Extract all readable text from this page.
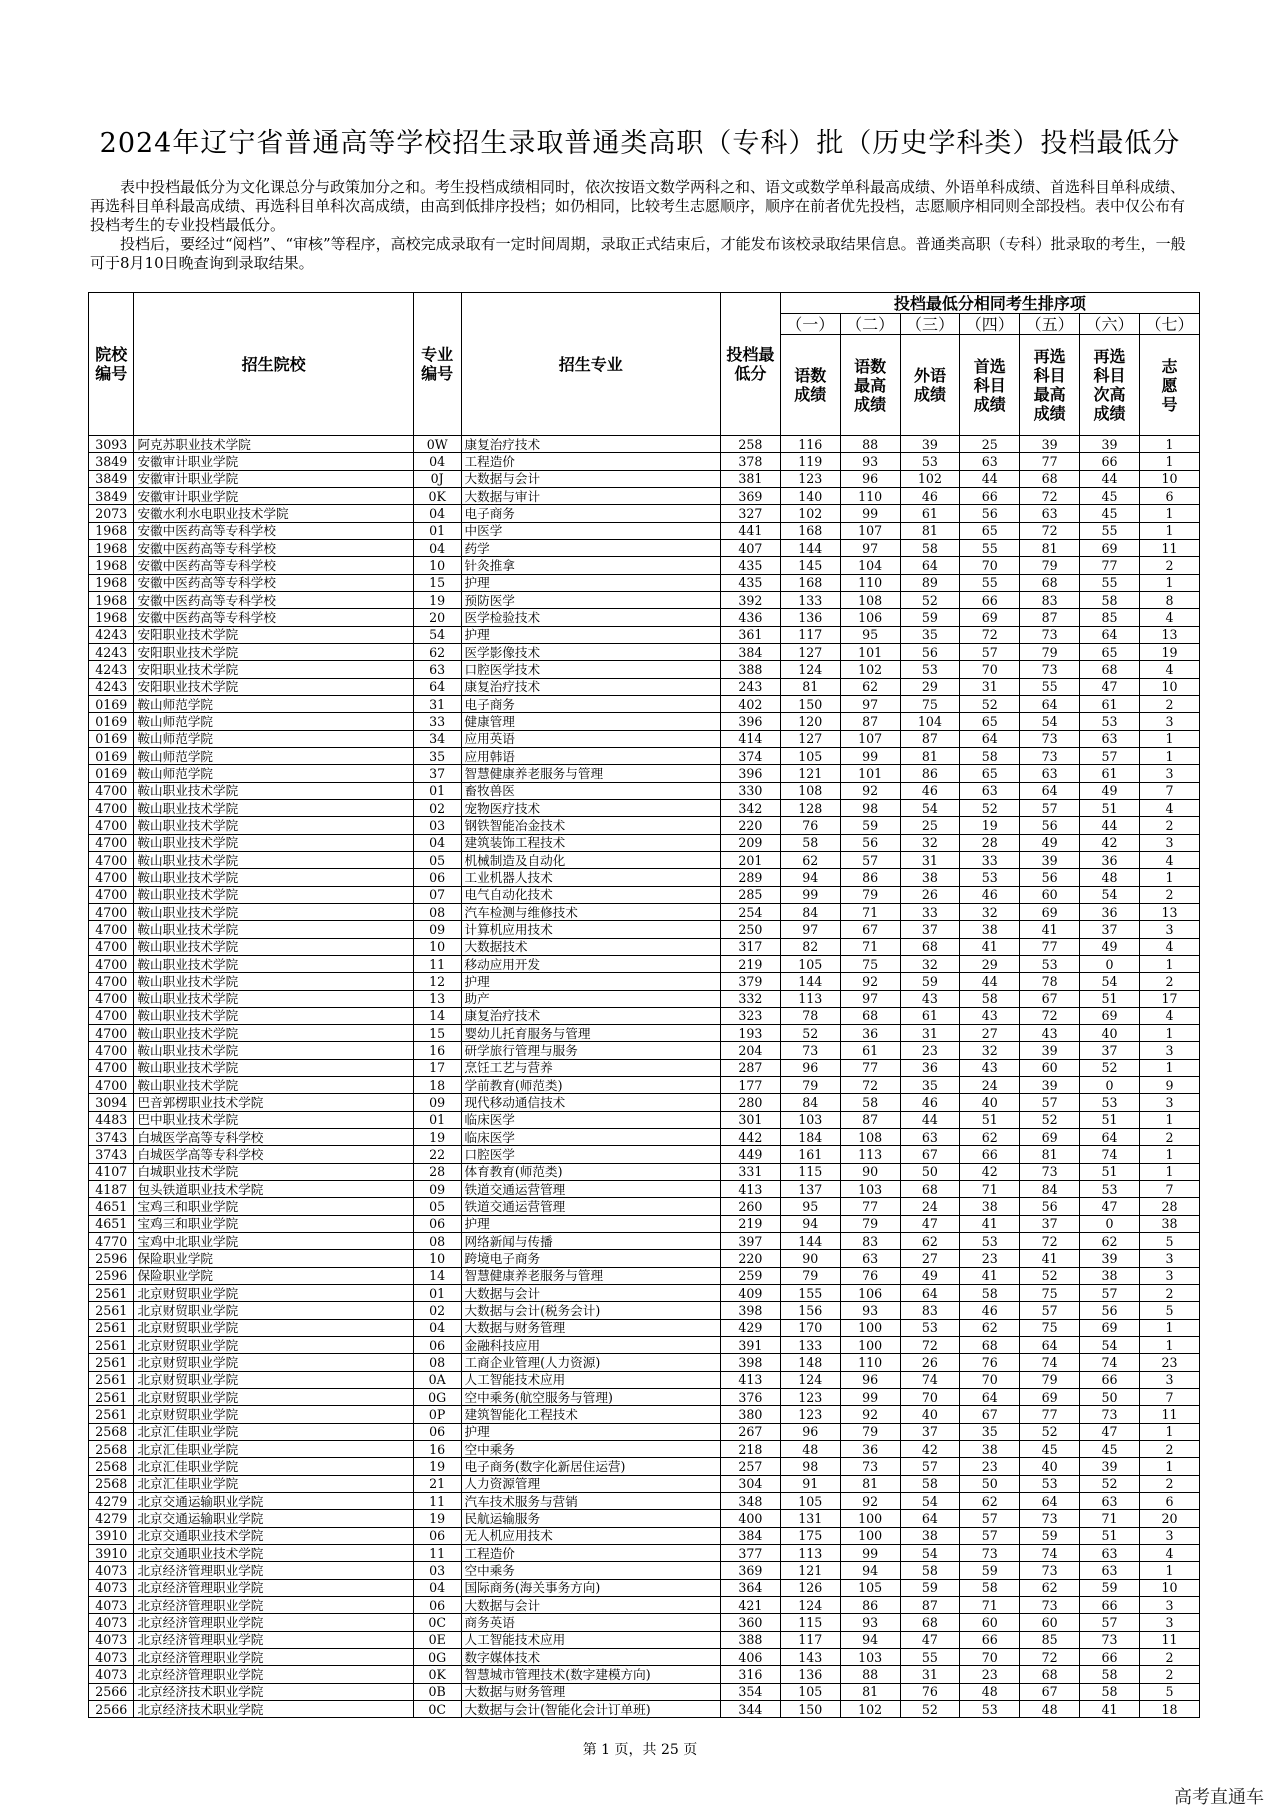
2024年辽宁省普通高等学校招生录取普通类高职（专科）批（历史学科类）投档最低分

表中投档最低分为文化课总分与政策加分之和。考生投档成绩相同时，依次按语文数学两科之和、语文或数学单科最高成绩、外语单科成绩、首选科目单科成绩、再选科目单科最高成绩、再选科目单科次高成绩，由高到低排序投档；如仍相同，比较考生志愿顺序，顺序在前者优先投档，志愿顺序相同则全部投档。表中仅公布有投档考生的专业投档最低分。

投档后，要经过“阅档”、“审核”等程序，高校完成录取有一定时间周期，录取正式结束后，才能发布该校录取结果信息。普通类高职（专科）批录取的考生，一般可于8月10日晚查询到录取结果。

院校编号	招生院校	专业编号	招生专业	投档最低分	投档最低分相同考生排序项						
					（一）	（二）	（三）	（四）	（五）	（六）	（七）
					语数成绩	语数最高成绩	外语成绩	首选科目成绩	再选科目最高成绩	再选科目次高成绩	志愿号
3093	阿克苏职业技术学院	0W	康复治疗技术	258	116	88	39	25	39	39	1
3849	安徽审计职业学院	04	工程造价	378	119	93	53	63	77	66	1
3849	安徽审计职业学院	0J	大数据与会计	381	123	96	102	44	68	44	10
3849	安徽审计职业学院	0K	大数据与审计	369	140	110	46	66	72	45	6
2073	安徽水利水电职业技术学院	04	电子商务	327	102	99	61	56	63	45	1
1968	安徽中医药高等专科学校	01	中医学	441	168	107	81	65	72	55	1
1968	安徽中医药高等专科学校	04	药学	407	144	97	58	55	81	69	11
1968	安徽中医药高等专科学校	10	针灸推拿	435	145	104	64	70	79	77	2
1968	安徽中医药高等专科学校	15	护理	435	168	110	89	55	68	55	1
1968	安徽中医药高等专科学校	19	预防医学	392	133	108	52	66	83	58	8
1968	安徽中医药高等专科学校	20	医学检验技术	436	136	106	59	69	87	85	4
4243	安阳职业技术学院	54	护理	361	117	95	35	72	73	64	13
4243	安阳职业技术学院	62	医学影像技术	384	127	101	56	57	79	65	19
4243	安阳职业技术学院	63	口腔医学技术	388	124	102	53	70	73	68	4
4243	安阳职业技术学院	64	康复治疗技术	243	81	62	29	31	55	47	10
0169	鞍山师范学院	31	电子商务	402	150	97	75	52	64	61	2
0169	鞍山师范学院	33	健康管理	396	120	87	104	65	54	53	3
0169	鞍山师范学院	34	应用英语	414	127	107	87	64	73	63	1
0169	鞍山师范学院	35	应用韩语	374	105	99	81	58	73	57	1
0169	鞍山师范学院	37	智慧健康养老服务与管理	396	121	101	86	65	63	61	3
4700	鞍山职业技术学院	01	畜牧兽医	330	108	92	46	63	64	49	7
4700	鞍山职业技术学院	02	宠物医疗技术	342	128	98	54	52	57	51	4
4700	鞍山职业技术学院	03	钢铁智能冶金技术	220	76	59	25	19	56	44	2
4700	鞍山职业技术学院	04	建筑装饰工程技术	209	58	56	32	28	49	42	3
4700	鞍山职业技术学院	05	机械制造及自动化	201	62	57	31	33	39	36	4
4700	鞍山职业技术学院	06	工业机器人技术	289	94	86	38	53	56	48	1
4700	鞍山职业技术学院	07	电气自动化技术	285	99	79	26	46	60	54	2
4700	鞍山职业技术学院	08	汽车检测与维修技术	254	84	71	33	32	69	36	13
4700	鞍山职业技术学院	09	计算机应用技术	250	97	67	37	38	41	37	3
4700	鞍山职业技术学院	10	大数据技术	317	82	71	68	41	77	49	4
4700	鞍山职业技术学院	11	移动应用开发	219	105	75	32	29	53	0	1
4700	鞍山职业技术学院	12	护理	379	144	92	59	44	78	54	2
4700	鞍山职业技术学院	13	助产	332	113	97	43	58	67	51	17
4700	鞍山职业技术学院	14	康复治疗技术	323	78	68	61	43	72	69	4
4700	鞍山职业技术学院	15	婴幼儿托育服务与管理	193	52	36	31	27	43	40	1
4700	鞍山职业技术学院	16	研学旅行管理与服务	204	73	61	23	32	39	37	3
4700	鞍山职业技术学院	17	烹饪工艺与营养	287	96	77	36	43	60	52	1
4700	鞍山职业技术学院	18	学前教育(师范类)	177	79	72	35	24	39	0	9
3094	巴音郭楞职业技术学院	09	现代移动通信技术	280	84	58	46	40	57	53	3
4483	巴中职业技术学院	01	临床医学	301	103	87	44	51	52	51	1
3743	白城医学高等专科学校	19	临床医学	442	184	108	63	62	69	64	2
3743	白城医学高等专科学校	22	口腔医学	449	161	113	67	66	81	74	1
4107	白城职业技术学院	28	体育教育(师范类)	331	115	90	50	42	73	51	1
4187	包头铁道职业技术学院	09	铁道交通运营管理	413	137	103	68	71	84	53	7
4651	宝鸡三和职业学院	05	铁道交通运营管理	260	95	77	24	38	56	47	28
4651	宝鸡三和职业学院	06	护理	219	94	79	47	41	37	0	38
4770	宝鸡中北职业学院	08	网络新闻与传播	397	144	83	62	53	72	62	5
2596	保险职业学院	10	跨境电子商务	220	90	63	27	23	41	39	3
2596	保险职业学院	14	智慧健康养老服务与管理	259	79	76	49	41	52	38	3
2561	北京财贸职业学院	01	大数据与会计	409	155	106	64	58	75	57	2
2561	北京财贸职业学院	02	大数据与会计(税务会计)	398	156	93	83	46	57	56	5
2561	北京财贸职业学院	04	大数据与财务管理	429	170	100	53	62	75	69	1
2561	北京财贸职业学院	06	金融科技应用	391	133	100	72	68	64	54	1
2561	北京财贸职业学院	08	工商企业管理(人力资源)	398	148	110	26	76	74	74	23
2561	北京财贸职业学院	0A	人工智能技术应用	413	124	96	74	70	79	66	3
2561	北京财贸职业学院	0G	空中乘务(航空服务与管理)	376	123	99	70	64	69	50	7
2561	北京财贸职业学院	0P	建筑智能化工程技术	380	123	92	40	67	77	73	11
2568	北京汇佳职业学院	06	护理	267	96	79	37	35	52	47	1
2568	北京汇佳职业学院	16	空中乘务	218	48	36	42	38	45	45	2
2568	北京汇佳职业学院	19	电子商务(数字化新居住运营)	257	98	73	57	23	40	39	1
2568	北京汇佳职业学院	21	人力资源管理	304	91	81	58	50	53	52	2
4279	北京交通运输职业学院	11	汽车技术服务与营销	348	105	92	54	62	64	63	6
4279	北京交通运输职业学院	19	民航运输服务	400	131	100	64	57	73	71	20
3910	北京交通职业技术学院	06	无人机应用技术	384	175	100	38	57	59	51	3
3910	北京交通职业技术学院	11	工程造价	377	113	99	54	73	74	63	4
4073	北京经济管理职业学院	03	空中乘务	369	121	94	58	59	73	63	1
4073	北京经济管理职业学院	04	国际商务(海关事务方向)	364	126	105	59	58	62	59	10
4073	北京经济管理职业学院	06	大数据与会计	421	124	86	87	71	73	66	3
4073	北京经济管理职业学院	0C	商务英语	360	115	93	68	60	60	57	3
4073	北京经济管理职业学院	0E	人工智能技术应用	388	117	94	47	66	85	73	11
4073	北京经济管理职业学院	0G	数字媒体技术	406	143	103	55	70	72	66	2
4073	北京经济管理职业学院	0K	智慧城市管理技术(数字建模方向)	316	136	88	31	23	68	58	2
2566	北京经济技术职业学院	0B	大数据与财务管理	354	105	81	76	48	67	58	5
2566	北京经济技术职业学院	0C	大数据与会计(智能化会计订单班)	344	150	102	52	53	48	41	18
第 1 页，共 25 页
高考直通车
